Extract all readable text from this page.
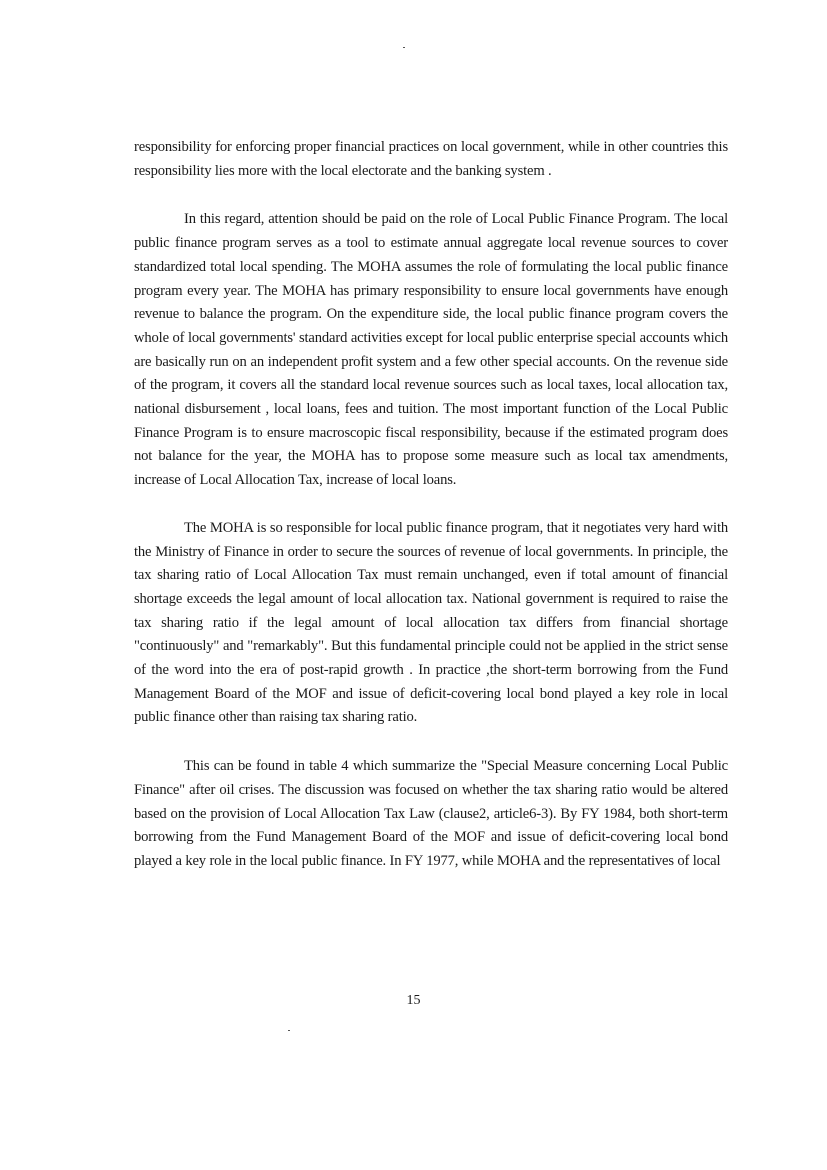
responsibility for enforcing proper financial practices on local government, while in other countries this responsibility lies more with the local electorate and the banking system .

In this regard, attention should be paid on the role of Local Public Finance Program. The local public finance program serves as a tool to estimate annual aggregate local revenue sources to cover standardized total local spending. The MOHA assumes the role of formulating the local public finance program every year. The MOHA has primary responsibility to ensure local governments have enough revenue to balance the program. On the expenditure side, the local public finance program covers the whole of local governments' standard activities except for local public enterprise special accounts which are basically run on an independent profit system and a few other special accounts. On the revenue side of the program, it covers all the standard local revenue sources such as local taxes, local allocation tax, national disbursement , local loans, fees and tuition. The most important function of the Local Public Finance Program is to ensure macroscopic fiscal responsibility, because if the estimated program does not balance for the year, the MOHA has to propose some measure such as local tax amendments, increase of Local Allocation Tax, increase of local loans.

The MOHA is so responsible for local public finance program, that it negotiates very hard with the Ministry of Finance in order to secure the sources of revenue of local governments. In principle, the tax sharing ratio of Local Allocation Tax must remain unchanged, even if total amount of financial shortage exceeds the legal amount of local allocation tax. National government is required to raise the tax sharing ratio if the legal amount of local allocation tax differs from financial shortage "continuously" and "remarkably". But this fundamental principle could not be applied in the strict sense of the word into the era of post-rapid growth . In practice ,the short-term borrowing from the Fund Management Board of the MOF and issue of deficit-covering local bond played a key role in local public finance other than raising tax sharing ratio.

This can be found in table 4 which summarize the "Special Measure concerning Local Public Finance" after oil crises. The discussion was focused on whether the tax sharing ratio would be altered based on the provision of Local Allocation Tax Law (clause2, article6-3). By FY 1984, both short-term borrowing from the Fund Management Board of the MOF and issue of deficit-covering local bond played a key role in the local public finance. In FY 1977, while MOHA and the representatives of local

15
